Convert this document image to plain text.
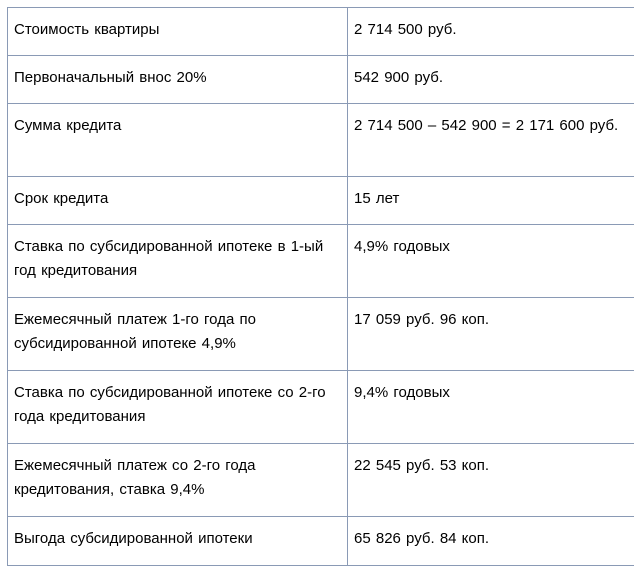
Стоимость квартиры	2 714 500 руб.
Первоначальный внос 20%	542 900 руб.
Сумма кредита	2 714 500 – 542 900 = 2 171 600 руб.
Срок кредита	15 лет
Ставка по субсидированной ипотеке в 1-ый год кредитования	4,9% годовых
Ежемесячный платеж 1-го года по субсидированной ипотеке 4,9%	17 059 руб. 96 коп.
Ставка по субсидированной ипотеке со 2-го года кредитования	9,4% годовых
Ежемесячный платеж со 2-го года кредитования, ставка 9,4%	22 545 руб. 53 коп.
Выгода субсидированной ипотеки	65 826 руб. 84 коп.
